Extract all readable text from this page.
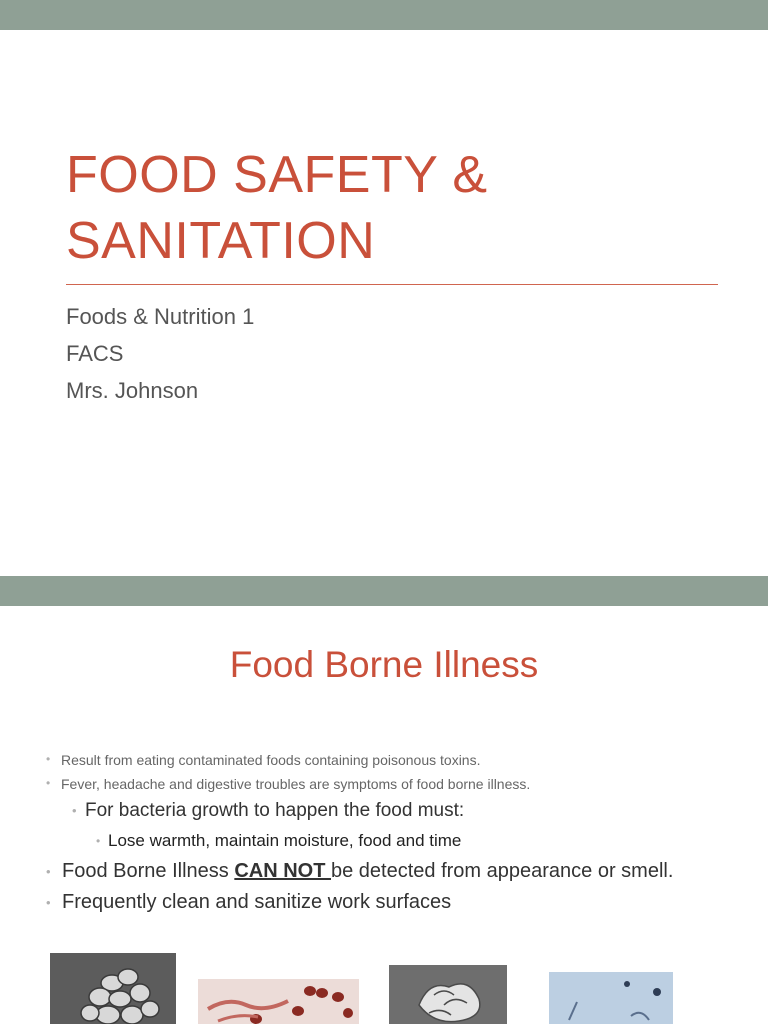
FOOD SAFETY &
SANITATION
Foods & Nutrition 1
FACS
Mrs. Johnson
Food Borne Illness
• Result from eating contaminated foods containing poisonous toxins.
• Fever, headache and digestive troubles are symptoms of food borne illness.
• For bacteria growth to happen the food must:
• Lose warmth, maintain moisture, food and time
• Food Borne Illness CAN NOT be detected from appearance or smell.
• Frequently clean and sanitize work surfaces
